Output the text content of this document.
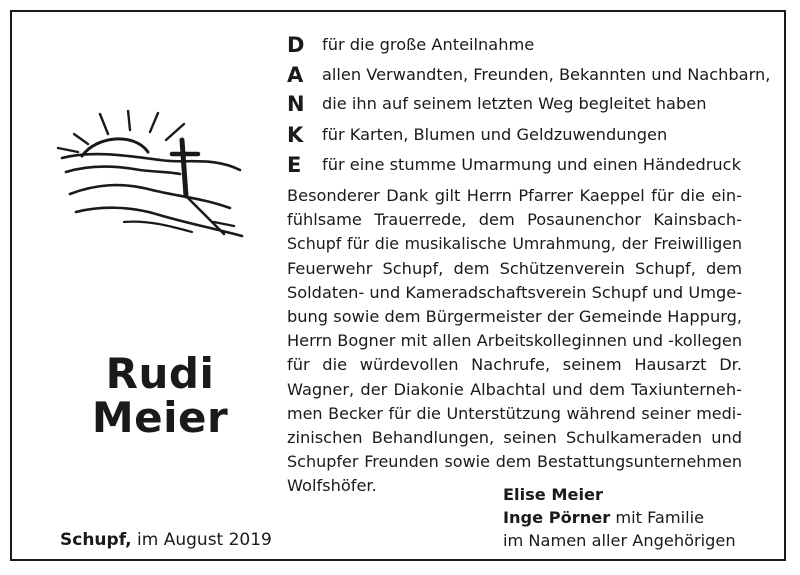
Rudi
Meier
Schupf, im August 2019
D für die große Anteilnahme
A allen Verwandten, Freunden, Bekannten und Nachbarn,
N die ihn auf seinem letzten Weg begleitet haben
K für Karten, Blumen und Geldzuwendungen
E für eine stumme Umarmung und einen Händedruck
Besonderer Dank gilt Herrn Pfarrer Kaeppel für die ein-
fühlsame Trauerrede, dem Posaunenchor Kainsbach-
Schupf für die musikalische Umrahmung, der Freiwilligen
Feuerwehr Schupf, dem Schützenverein Schupf, dem
Soldaten- und Kameradschaftsverein Schupf und Umge-
bung sowie dem Bürgermeister der Gemeinde Happurg,
Herrn Bogner mit allen Arbeitskolleginnen und -kollegen
für die würdevollen Nachrufe, seinem Hausarzt Dr.
Wagner, der Diakonie Albachtal und dem Taxiunterneh-
men Becker für die Unterstützung während seiner medi-
zinischen Behandlungen, seinen Schulkameraden und
Schupfer Freunden sowie dem Bestattungsunternehmen
Wolfshöfer.	Elise Meier
Inge Pörner mit Familie
im Namen aller Angehörigen
